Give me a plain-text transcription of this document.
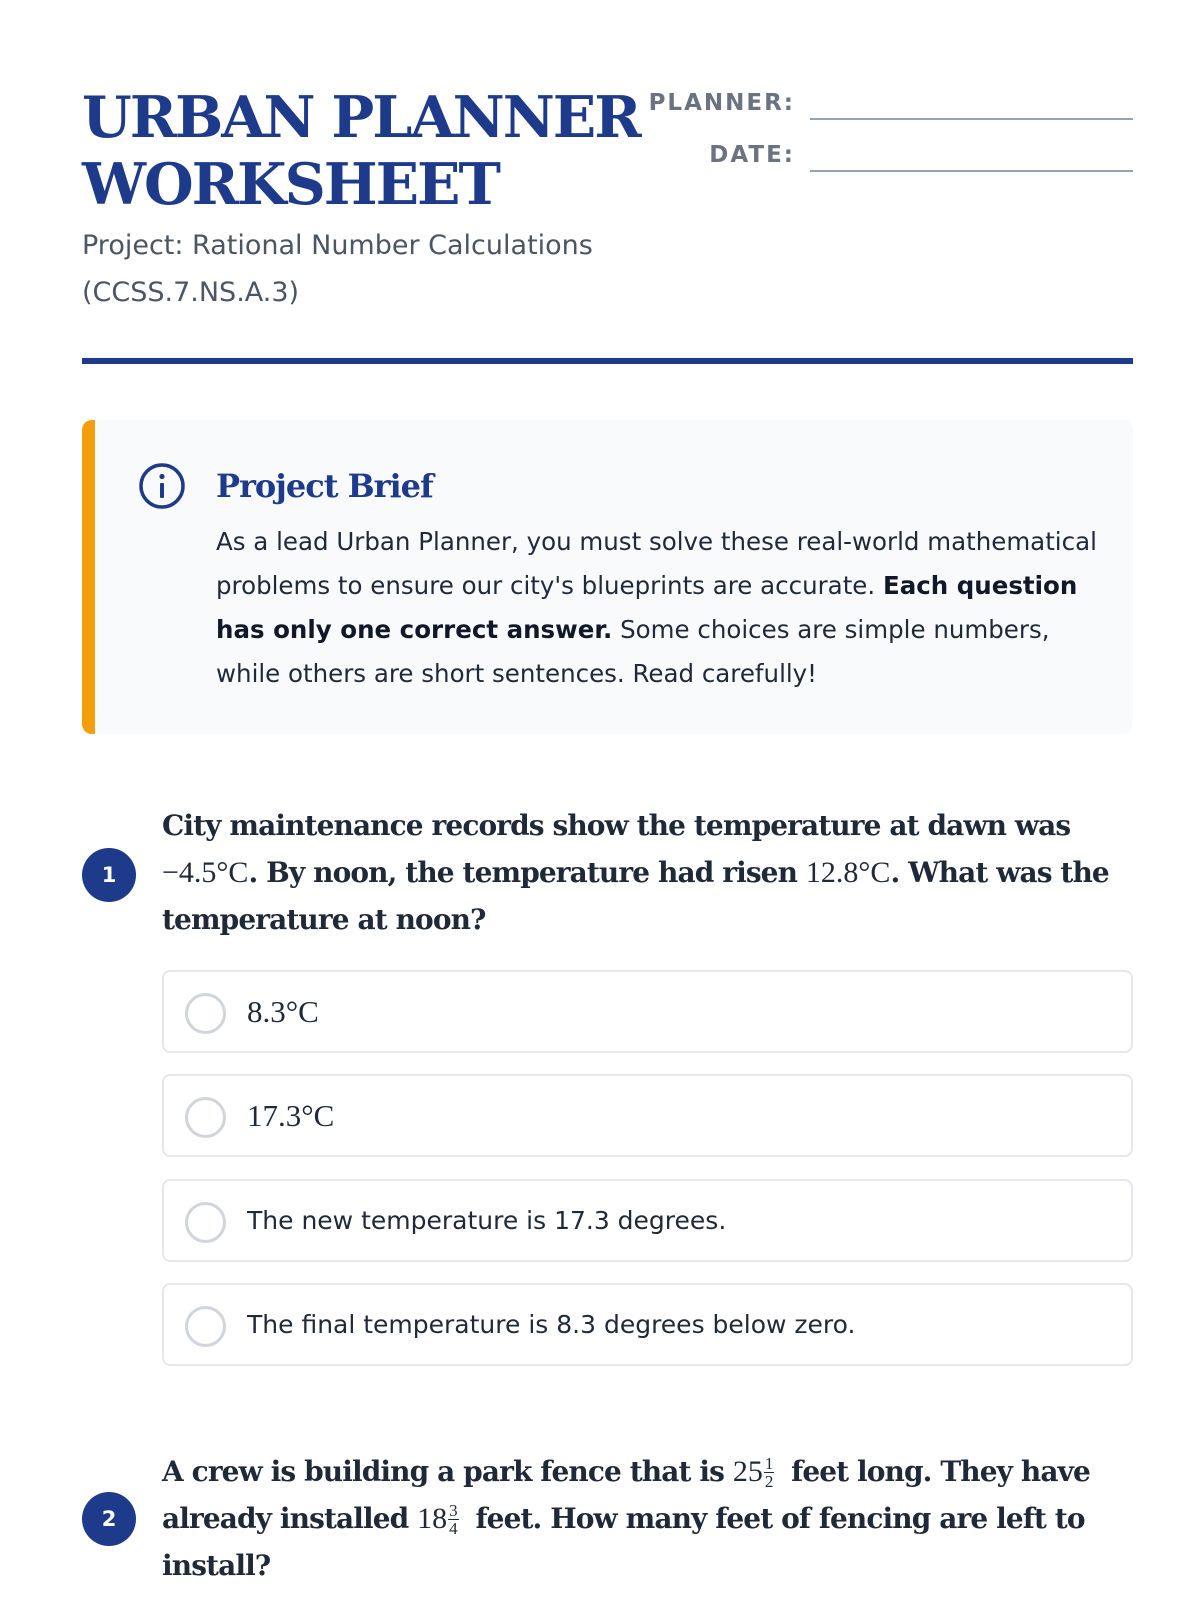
URBAN PLANNER
WORKSHEET

Project: Rational Number Calculations
(CCSS.7.NS.A.3)

PLANNER:
DATE:
Project Brief

As a lead Urban Planner, you must solve these real-world mathematical problems to ensure our city's blueprints are accurate. Each question has only one correct answer. Some choices are simple numbers, while others are short sentences. Read carefully!

1

City maintenance records show the temperature at dawn was −4.5°C. By noon, the temperature had risen 12.8°C. What was the temperature at noon?

8.3°C
17.3°C
The new temperature is 17.3 degrees.
The final temperature is 8.3 degrees below zero.
2

A crew is building a park fence that is $25 \frac{1}{2}$ feet long. They have already installed $18 \frac{3}{4}$ feet. How many feet of fencing are left to install?
